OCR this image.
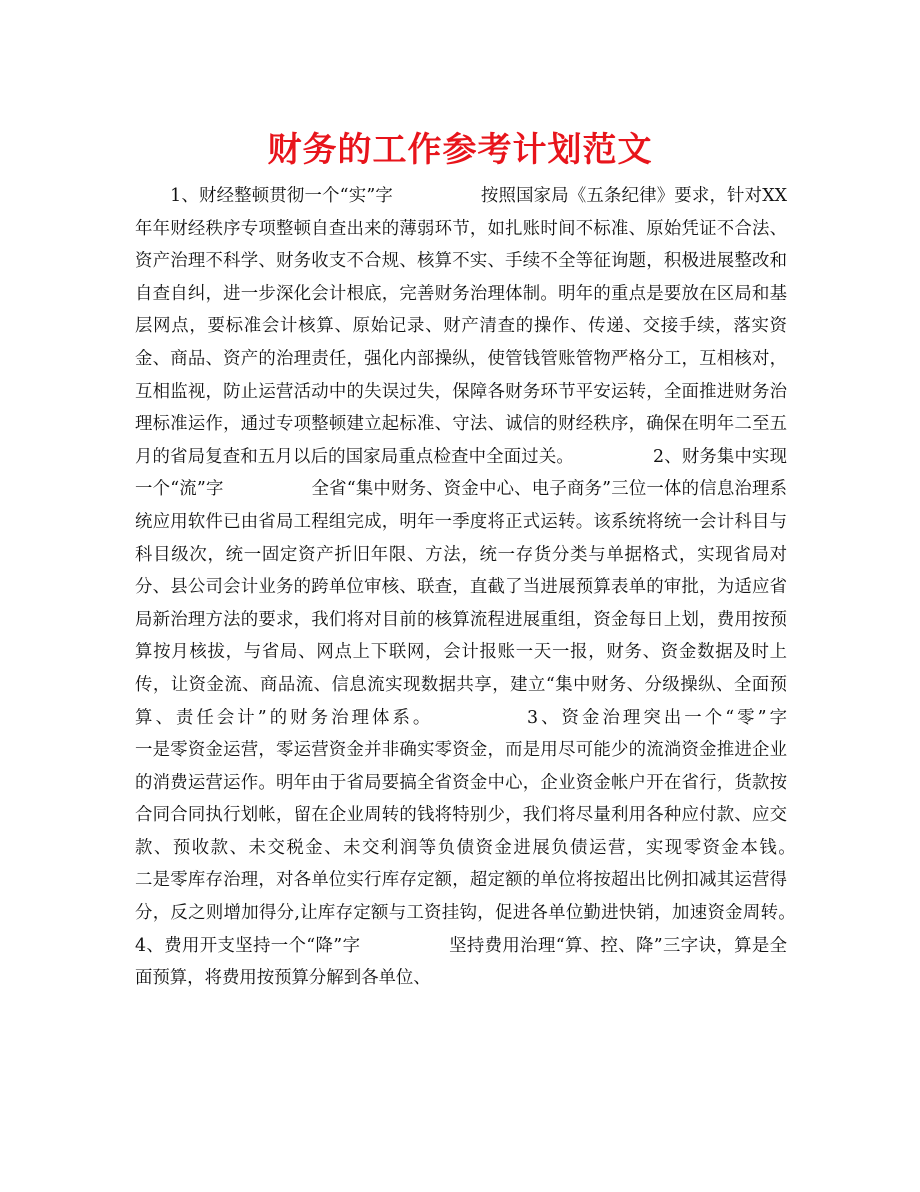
财务的工作参考计划范文
　　1、财经整顿贯彻一个“实”字　　　　　按照国家局《五条纪律》要求，针对XX年年财经秩序专项整顿自查出来的薄弱环节，如扎账时间不标准、原始凭证不合法、资产治理不科学、财务收支不合规、核算不实、手续不全等征询题，积极进展整改和自查自纠，进一步深化会计根底，完善财务治理体制。明年的重点是要放在区局和基层网点，要标准会计核算、原始记录、财产清查的操作、传递、交接手续，落实资金、商品、资产的治理责任，强化内部操纵，使管钱管账管物严格分工，互相核对，互相监视，防止运营活动中的失误过失，保障各财务环节平安运转，全面推进财务治理标准运作，通过专项整顿建立起标准、守法、诚信的财经秩序，确保在明年二至五月的省局复查和五月以后的国家局重点检查中全面过关。　　　　　2、财务集中实现一个“流”字　　　　　全省“集中财务、资金中心、电子商务”三位一体的信息治理系统应用软件已由省局工程组完成，明年一季度将正式运转。该系统将统一会计科目与科目级次，统一固定资产折旧年限、方法，统一存货分类与单据格式，实现省局对分、县公司会计业务的跨单位审核、联查，直截了当进展预算表单的审批，为适应省局新治理方法的要求，我们将对目前的核算流程进展重组，资金每日上划，费用按预算按月核拔，与省局、网点上下联网，会计报账一天一报，财务、资金数据及时上传，让资金流、商品流、信息流实现数据共享，建立“集中财务、分级操纵、全面预算、责任会计”的财务治理体系。　　　　　3、资金治理突出一个“零”字　　　　　一是零资金运营，零运营资金并非确实零资金，而是用尽可能少的流淌资金推进企业的消费运营运作。明年由于省局要搞全省资金中心，企业资金帐户开在省行，货款按合同合同执行划帐，留在企业周转的钱将特别少，我们将尽量利用各种应付款、应交款、预收款、未交税金、未交利润等负债资金进展负债运营，实现零资金本钱。　　　　　二是零库存治理，对各单位实行库存定额，超定额的单位将按超出比例扣减其运营得分，反之则增加得分,让库存定额与工资挂钩，促进各单位勤进快销，加速资金周转。　　　　　4、费用开支坚持一个“降”字　　　　　坚持费用治理“算、控、降”三字诀，算是全面预算，将费用按预算分解到各单位、
